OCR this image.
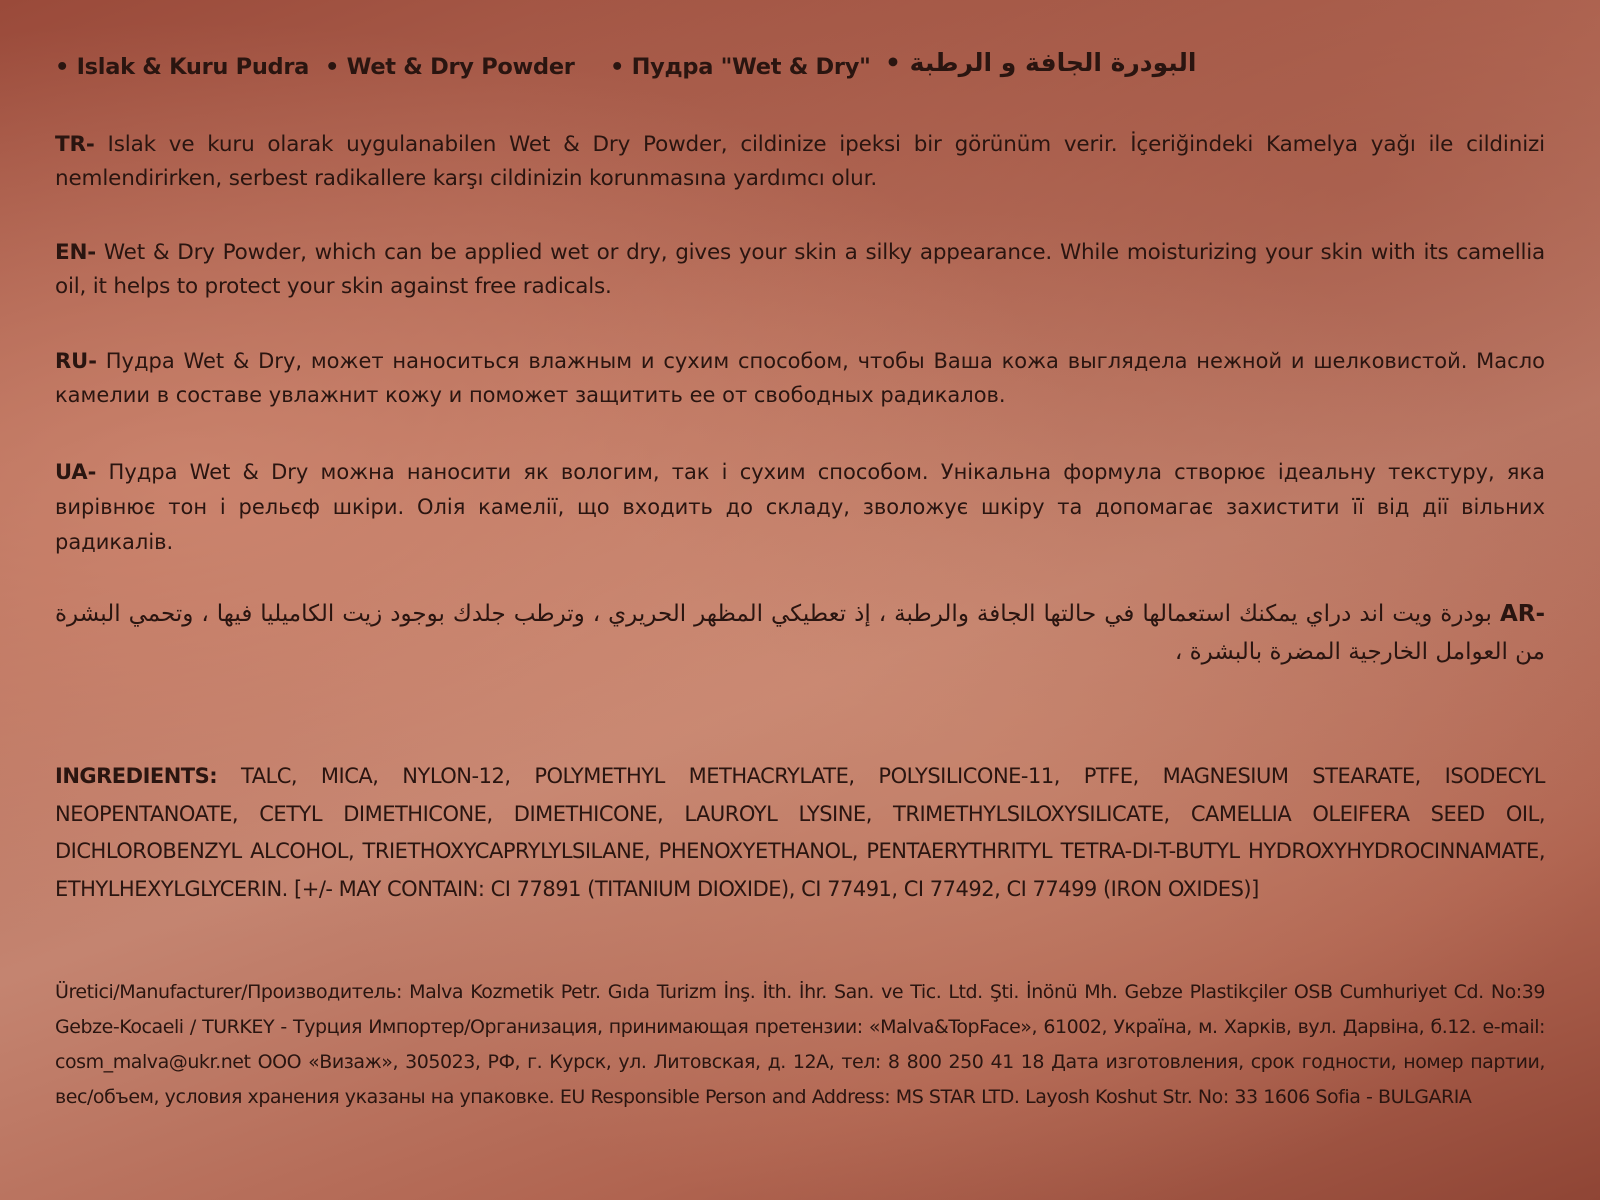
• Islak & Kuru Pudra • Wet & Dry Powder • Пудра "Wet & Dry" البودرة الجافة و الرطبة •

TR- Islak ve kuru olarak uygulanabilen Wet & Dry Powder, cildinize ipeksi bir görünüm verir. İçeriğindeki Kamelya yağı ile cildinizi nemlendirirken, serbest radikallere karşı cildinizin korunmasına yardımcı olur.

EN- Wet & Dry Powder, which can be applied wet or dry, gives your skin a silky appearance. While moisturizing your skin with its camellia oil, it helps to protect your skin against free radicals.

RU- Пудра Wet & Dry, может наноситься влажным и сухим способом, чтобы Ваша кожа выглядела нежной и шелковистой. Масло камелии в составе увлажнит кожу и поможет защитить ее от свободных радикалов.

UA- Пудра Wet & Dry можна наносити як вологим, так і сухим способом. Унікальна формула створює ідеальну текстуру, яка вирівнює тон і рельєф шкіри. Олія камелії, що входить до складу, зволожує шкіру та допомагає захистити її від дії вільних радикалів.

AR- بودرة ويت اند دراي يمكنك استعمالها في حالتها الجافة والرطبة ، إذ تعطيكي المظهر الحريري ، وترطب جلدك بوجود زيت الكاميليا فيها ، وتحمي البشرة من العوامل الخارجية المضرة بالبشرة ،

INGREDIENTS: TALC, MICA, NYLON-12, POLYMETHYL METHACRYLATE, POLYSILICONE-11, PTFE, MAGNESIUM STEARATE, ISODECYL NEOPENTANOATE, CETYL DIMETHICONE, DIMETHICONE, LAUROYL LYSINE, TRIMETHYLSILOXYSILICATE, CAMELLIA OLEIFERA SEED OIL, DICHLOROBENZYL ALCOHOL, TRIETHOXYCAPRYLYLSILANE, PHENOXYETHANOL, PENTAERYTHRITYL TETRA-DI-T-BUTYL HYDROXYHYDROCINNAMATE, ETHYLHEXYLGLYCERIN. [+/- MAY CONTAIN: CI 77891 (TITANIUM DIOXIDE), CI 77491, CI 77492, CI 77499 (IRON OXIDES)]

Üretici/Manufacturer/Производитель: Malva Kozmetik Petr. Gıda Turizm İnş. İth. İhr. San. ve Tic. Ltd. Şti. İnönü Mh. Gebze Plastikçiler OSB Cumhuriyet Cd. No:39 Gebze-Kocaeli / TURKEY - Турция Импортер/Организация, принимающая претензии: «Malva&TopFace», 61002, Україна, м. Харків, вул. Дарвіна, б.12. e-mail: cosm_malva@ukr.net ООО «Визаж», 305023, РФ, г. Курск, ул. Литовская, д. 12А, тел: 8 800 250 41 18 Дата изготовления, срок годности, номер партии, вес/объем, условия хранения указаны на упаковке. EU Responsible Person and Address: MS STAR LTD. Layosh Koshut Str. No: 33 1606 Sofia - BULGARIA
